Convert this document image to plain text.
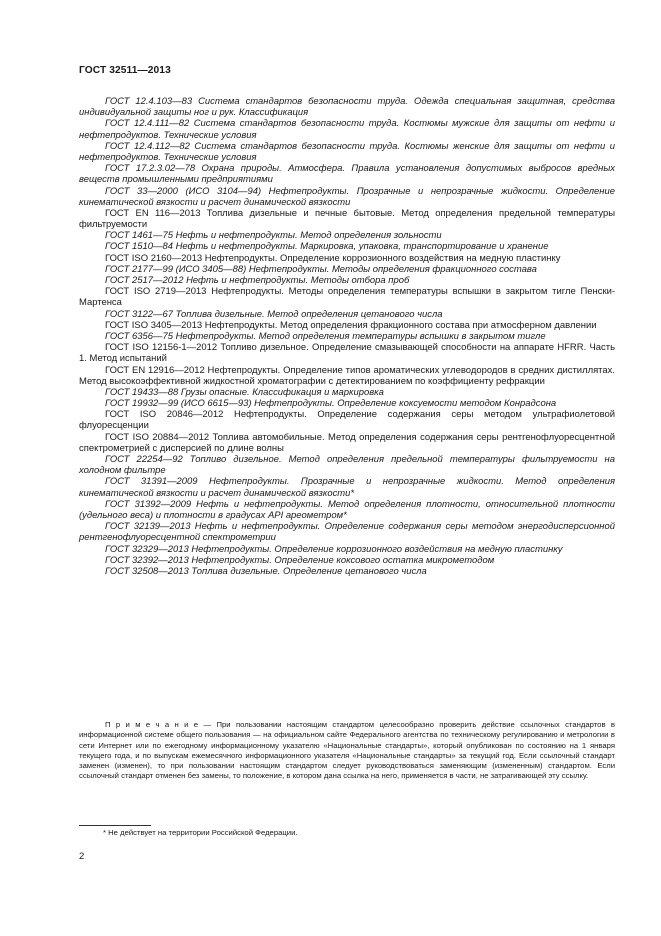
ГОСТ 32511—2013

ГОСТ 12.4.103—83 Система стандартов безопасности труда. Одежда специальная защитная, средства индивидуальной защиты ног и рук. Классификация

ГОСТ 12.4.111—82 Система стандартов безопасности труда. Костюмы мужские для защиты от нефти и нефтепродуктов. Технические условия

ГОСТ 12.4.112—82 Система стандартов безопасности труда. Костюмы женские для защиты от нефти и нефтепродуктов. Технические условия

ГОСТ 17.2.3.02—78 Охрана природы. Атмосфера. Правила установления допустимых выбросов вредных веществ промышленными предприятиями

ГОСТ 33—2000 (ИСО 3104—94) Нефтепродукты. Прозрачные и непрозрачные жидкости. Определение кинематической вязкости и расчет динамической вязкости

ГОСТ EN 116—2013 Топлива дизельные и печные бытовые. Метод определения предельной температуры фильтруемости

ГОСТ 1461—75 Нефть и нефтепродукты. Метод определения зольности

ГОСТ 1510—84 Нефть и нефтепродукты. Маркировка, упаковка, транспортирование и хранение

ГОСТ ISO 2160—2013 Нефтепродукты. Определение коррозионного воздействия на медную пластинку

ГОСТ 2177—99 (ИСО 3405—88) Нефтепродукты. Методы определения фракционного состава

ГОСТ 2517—2012 Нефть и нефтепродукты. Методы отбора проб

ГОСТ ISO 2719—2013 Нефтепродукты. Методы определения температуры вспышки в закрытом тигле Пенски-Мартенса

ГОСТ 3122—67 Топлива дизельные. Метод определения цетанового числа

ГОСТ ISO 3405—2013 Нефтепродукты. Метод определения фракционного состава при атмосферном давлении

ГОСТ 6356—75 Нефтепродукты. Метод определения температуры вспышки в закрытом тигле

ГОСТ ISO 12156-1—2012 Топливо дизельное. Определение смазывающей способности на аппарате HFRR. Часть 1. Метод испытаний

ГОСТ EN 12916—2012 Нефтепродукты. Определение типов ароматических углеводородов в средних дистиллятах. Метод высокоэффективной жидкостной хроматографии с детектированием по коэффициенту рефракции

ГОСТ 19433—88 Грузы опасные. Классификация и маркировка

ГОСТ 19932—99 (ИСО 6615—93) Нефтепродукты. Определение коксуемости методом Конрадсона

ГОСТ ISO 20846—2012 Нефтепродукты. Определение содержания серы методом ультрафиолетовой флуоресценции

ГОСТ ISO 20884—2012 Топлива автомобильные. Метод определения содержания серы рентгенофлуоресцентной спектрометрией с дисперсией по длине волны

ГОСТ 22254—92 Топливо дизельное. Метод определения предельной температуры фильтруемости на холодном фильтре

ГОСТ 31391—2009 Нефтепродукты. Прозрачные и непрозрачные жидкости. Метод определения кинематической вязкости и расчет динамической вязкости*

ГОСТ 31392—2009 Нефть и нефтепродукты. Метод определения плотности, относительной плотности (удельного веса) и плотности в градусах API ареометром*

ГОСТ 32139—2013 Нефть и нефтепродукты. Определение содержания серы методом энергодисперсионной рентгенофлуоресцентной спектрометрии

ГОСТ 32329—2013 Нефтепродукты. Определение коррозионного воздействия на медную пластинку

ГОСТ 32392—2013 Нефтепродукты. Определение коксового остатка микрометодом

ГОСТ 32508—2013 Топлива дизельные. Определение цетанового числа

П р и м е ч а н и е — При пользовании настоящим стандартом целесообразно проверить действие ссылочных стандартов в информационной системе общего пользования — на официальном сайте Федерального агентства по техническому регулированию и метрологии в сети Интернет или по ежегодному информационному указателю «Национальные стандарты», который опубликован по состоянию на 1 января текущего года, и по выпускам ежемесячного информационного указателя «Национальные стандарты» за текущий год. Если ссылочный стандарт заменен (изменен), то при пользовании настоящим стандартом следует руководствоваться заменяющим (измененным) стандартом. Если ссылочный стандарт отменен без замены, то положение, в котором дана ссылка на него, применяется в части, не затрагивающей эту ссылку.
* Не действует на территории Российской Федерации.
2
